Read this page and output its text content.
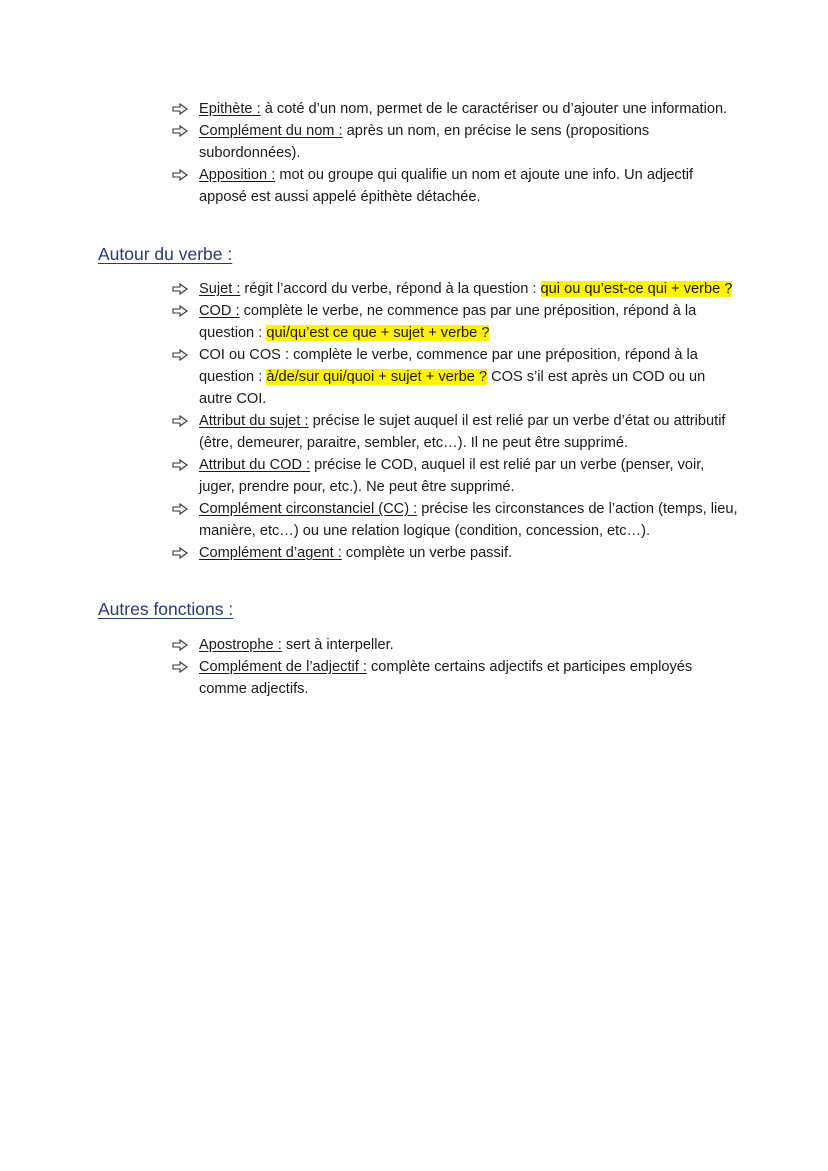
Epithète : à coté d’un nom, permet de le caractériser ou d’ajouter une information.
Complément du nom : après un nom, en précise le sens (propositions subordonnées).
Apposition : mot ou groupe qui qualifie un nom et ajoute une info. Un adjectif apposé est aussi appelé épithète détachée.
Autour du verbe :
Sujet : régit l’accord du verbe, répond à la question : qui ou qu’est-ce qui + verbe ?
COD : complète le verbe, ne commence pas par une préposition, répond à la question : qui/qu’est ce que + sujet + verbe ?
COI ou COS : complète le verbe, commence par une préposition, répond à la question : à/de/sur qui/quoi + sujet + verbe ? COS s’il est après un COD ou un autre COI.
Attribut du sujet : précise le sujet auquel il est relié par un verbe d’état ou attributif (être, demeurer, paraitre, sembler, etc…). Il ne peut être supprimé.
Attribut du COD : précise le COD, auquel il est relié par un verbe (penser, voir, juger, prendre pour, etc.). Ne peut être supprimé.
Complément circonstanciel (CC) : précise les circonstances de l’action (temps, lieu, manière, etc…) ou une relation logique (condition, concession, etc…).
Complément d’agent : complète un verbe passif.
Autres fonctions :
Apostrophe : sert à interpeller.
Complément de l’adjectif : complète certains adjectifs et participes employés comme adjectifs.
